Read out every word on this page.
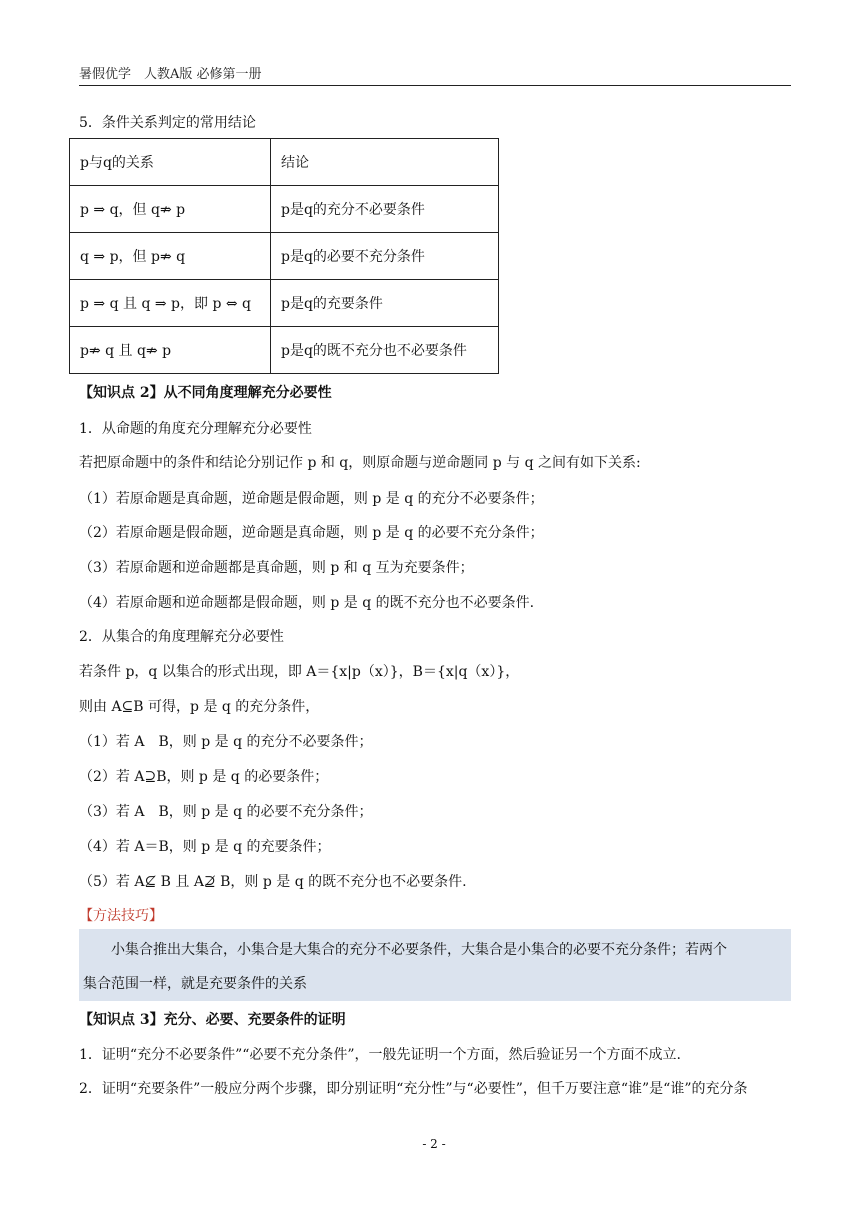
暑假优学　人教A版 必修第一册
5．条件关系判定的常用结论
p与q的关系	结论
p ⇒ q，但 q⇏ p	p是q的充分不必要条件
q ⇒ p，但 p⇏ q	p是q的必要不充分条件
p ⇒ q 且 q ⇒ p，即 p ⇔ q	p是q的充要条件
p⇏ q 且 q⇏ p	p是q的既不充分也不必要条件
【知识点 2】从不同角度理解充分必要性
1．从命题的角度充分理解充分必要性
若把原命题中的条件和结论分别记作 p 和 q，则原命题与逆命题同 p 与 q 之间有如下关系:
（1）若原命题是真命题，逆命题是假命题，则 p 是 q 的充分不必要条件；
（2）若原命题是假命题，逆命题是真命题，则 p 是 q 的必要不充分条件；
（3）若原命题和逆命题都是真命题，则 p 和 q 互为充要条件；
（4）若原命题和逆命题都是假命题，则 p 是 q 的既不充分也不必要条件.
2．从集合的角度理解充分必要性
若条件 p，q 以集合的形式出现，即 A＝{x|p（x）}，B＝{x|q（x）}，
则由 A⊆B 可得，p 是 q 的充分条件，
（1）若 A　B，则 p 是 q 的充分不必要条件；
（2）若 A⊇B，则 p 是 q 的必要条件；
（3）若 A　B，则 p 是 q 的必要不充分条件；
（4）若 A＝B，则 p 是 q 的充要条件；
（5）若 A⊈ B 且 A⊉ B，则 p 是 q 的既不充分也不必要条件.
【方法技巧】

小集合推出大集合，小集合是大集合的充分不必要条件，大集合是小集合的必要不充分条件；若两个

集合范围一样，就是充要条件的关系

【知识点 3】充分、必要、充要条件的证明
1．证明“充分不必要条件”“必要不充分条件”，一般先证明一个方面，然后验证另一个方面不成立.
2．证明“充要条件”一般应分两个步骤，即分别证明“充分性”与“必要性”，但千万要注意“谁”是“谁”的充分条
- 2 -
